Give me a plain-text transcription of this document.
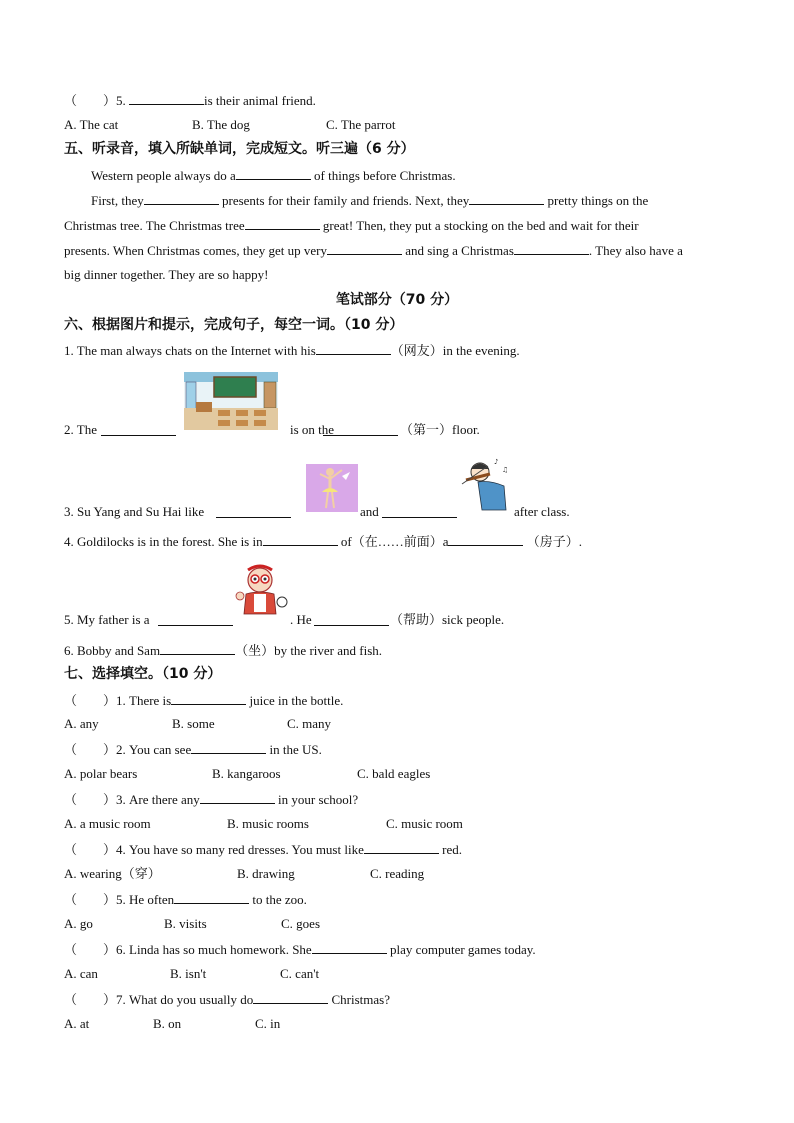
（　　）5.	is their animal friend.
A. The cat	B. The dog	C. The parrot
五、听录音，填入所缺单词，完成短文。听三遍（6 分）
Western people always do a	of things before Christmas.
First, they	presents for their family and friends. Next, they	pretty things on the
Christmas tree. The Christmas tree	great! Then, they put a stocking on the bed and wait for their
presents. When Christmas comes, they get up very	and sing a Christmas	. They also have a
big dinner together. They are so happy!
笔试部分（70 分）
六、根据图片和提示，完成句子，每空一词。（10 分）
1. The man always chats on the Internet with his	（网友）in the evening.
2. The	is on the	（第一）floor.
♪
♫
3. Su Yang and Su Hai like	and	after class.
4. Goldilocks is in the forest. She is in	of（在……前面）a	（房子）.
5. My father is a	. He	（帮助）sick people.
6. Bobby and Sam	（坐）by the river and fish.
七、选择填空。（10 分）
（　　）1. There is	juice in the bottle.
A. any	B. some	C. many
（　　）2. You can see	in the US.
A. polar bears	B. kangaroos	C. bald eagles
（　　）3. Are there any	in your school?
A. a music room	B. music rooms	C. music room
（　　）4. You have so many red dresses. You must like	red.
A. wearing（穿）	B. drawing	C. reading
（　　）5. He often	to the zoo.
A. go	B. visits	C. goes
（　　）6. Linda has so much homework. She	play computer games today.
A. can	B. isn't	C. can't
（　　）7. What do you usually do	Christmas?
A. at	B. on	C. in
